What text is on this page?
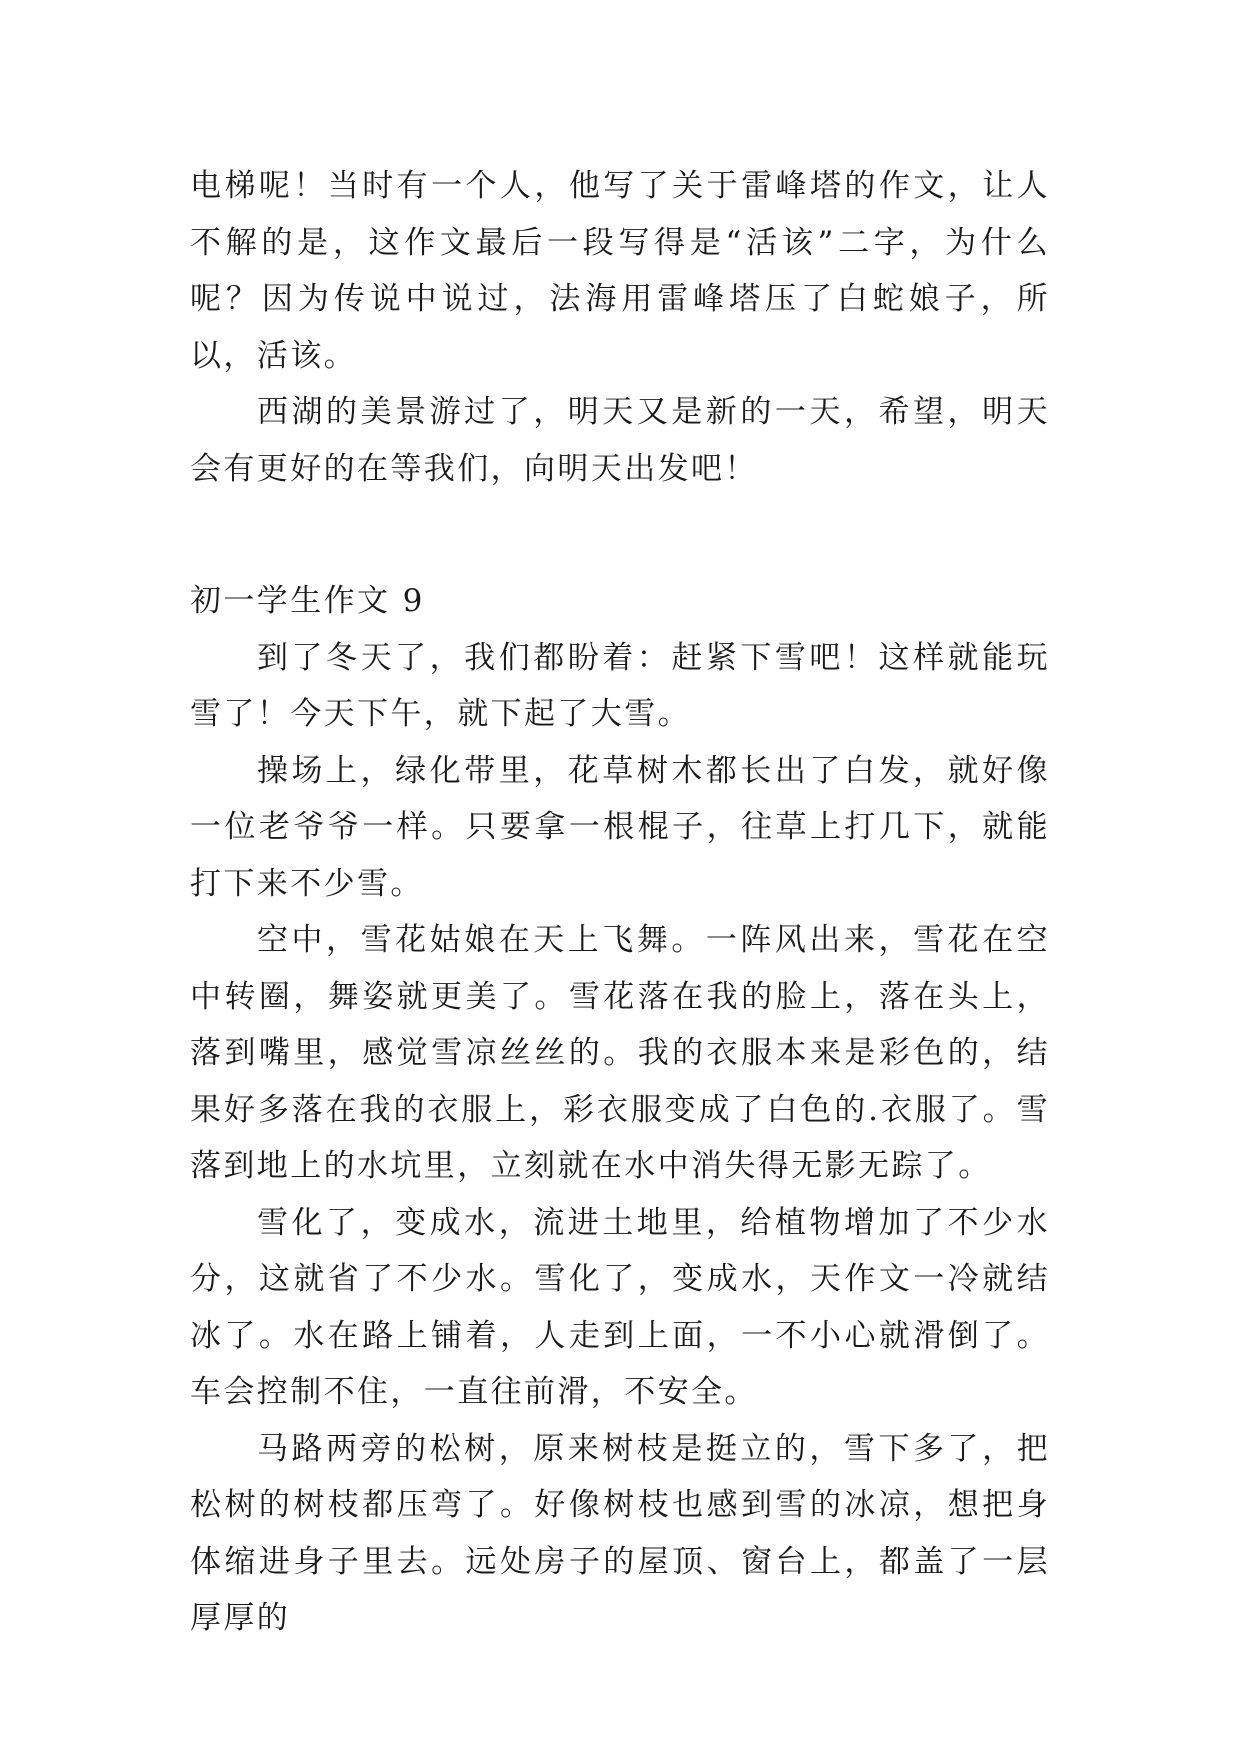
电梯呢！当时有一个人，他写了关于雷峰塔的作文，让人不解的是，这作文最后一段写得是“活该”二字，为什么呢？因为传说中说过，法海用雷峰塔压了白蛇娘子，所以，活该。

西湖的美景游过了，明天又是新的一天，希望，明天会有更好的在等我们，向明天出发吧！

初一学生作文 9

到了冬天了，我们都盼着：赶紧下雪吧！这样就能玩雪了！今天下午，就下起了大雪。

操场上，绿化带里，花草树木都长出了白发，就好像一位老爷爷一样。只要拿一根棍子，往草上打几下，就能打下来不少雪。

空中，雪花姑娘在天上飞舞。一阵风出来，雪花在空中转圈，舞姿就更美了。雪花落在我的脸上，落在头上，落到嘴里，感觉雪凉丝丝的。我的衣服本来是彩色的，结果好多落在我的衣服上，彩衣服变成了白色的.衣服了。雪落到地上的水坑里，立刻就在水中消失得无影无踪了。

雪化了，变成水，流进土地里，给植物增加了不少水分，这就省了不少水。雪化了，变成水，天作文一冷就结冰了。水在路上铺着，人走到上面，一不小心就滑倒了。车会控制不住，一直往前滑，不安全。

马路两旁的松树，原来树枝是挺立的，雪下多了，把松树的树枝都压弯了。好像树枝也感到雪的冰凉，想把身体缩进身子里去。远处房子的屋顶、窗台上，都盖了一层厚厚的
